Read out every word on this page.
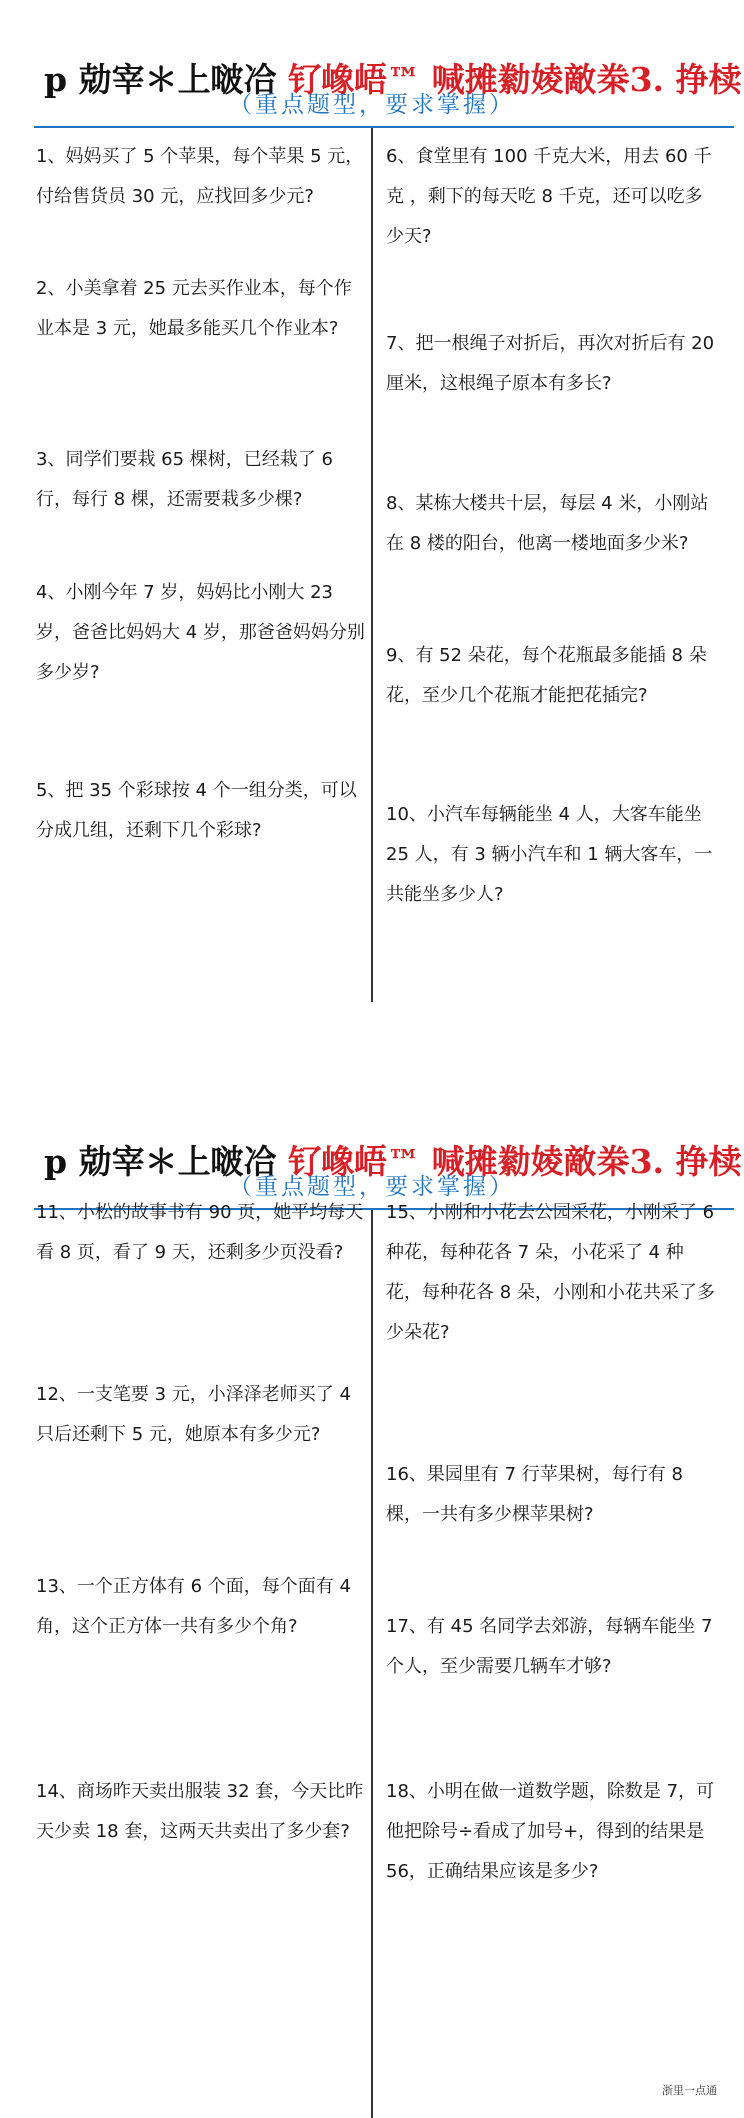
p 勀宰＊上啵冾 钌嶑峿™ 喊摊勬婈敵桊3. 挣椟
（重点题型，要求掌握）

1、妈妈买了 5 个苹果，每个苹果 5 元，付给售货员 30 元，应找回多少元?

2、小美拿着 25 元去买作业本，每个作业本是 3 元，她最多能买几个作业本?

3、同学们要栽 65 棵树，已经栽了 6 行，每行 8 棵，还需要栽多少棵?

4、小刚今年 7 岁，妈妈比小刚大 23 岁，爸爸比妈妈大 4 岁，那爸爸妈妈分别多少岁?

5、把 35 个彩球按 4 个一组分类，可以分成几组，还剩下几个彩球?

6、食堂里有 100 千克大米，用去 60 千克 ，剩下的每天吃 8 千克，还可以吃多少天?

7、把一根绳子对折后，再次对折后有 20 厘米，这根绳子原本有多长?

8、某栋大楼共十层，每层 4 米，小刚站在 8 楼的阳台，他离一楼地面多少米?

9、有 52 朵花，每个花瓶最多能插 8 朵花，至少几个花瓶才能把花插完?

10、小汽车每辆能坐 4 人，大客车能坐 25 人，有 3 辆小汽车和 1 辆大客车，一共能坐多少人?

p 勀宰＊上啵冾 钌嶑峿™ 喊摊勬婈敵桊3. 挣椟
（重点题型，要求掌握）

11、小松的故事书有 90 页，她平均每天看 8 页，看了 9 天，还剩多少页没看?

12、一支笔要 3 元，小泽泽老师买了 4 只后还剩下 5 元，她原本有多少元?

13、一个正方体有 6 个面，每个面有 4 角，这个正方体一共有多少个角?

14、商场昨天卖出服装 32 套，今天比昨天少卖 18 套，这两天共卖出了多少套?

15、小刚和小花去公园采花，小刚采了 6 种花，每种花各 7 朵，小花采了 4 种花，每种花各 8 朵，小刚和小花共采了多少朵花?

16、果园里有 7 行苹果树，每行有 8 棵，一共有多少棵苹果树?

17、有 45 名同学去郊游，每辆车能坐 7 个人，至少需要几辆车才够?

18、小明在做一道数学题，除数是 7，可他把除号÷看成了加号+，得到的结果是 56，正确结果应该是多少?

浙里一点通
